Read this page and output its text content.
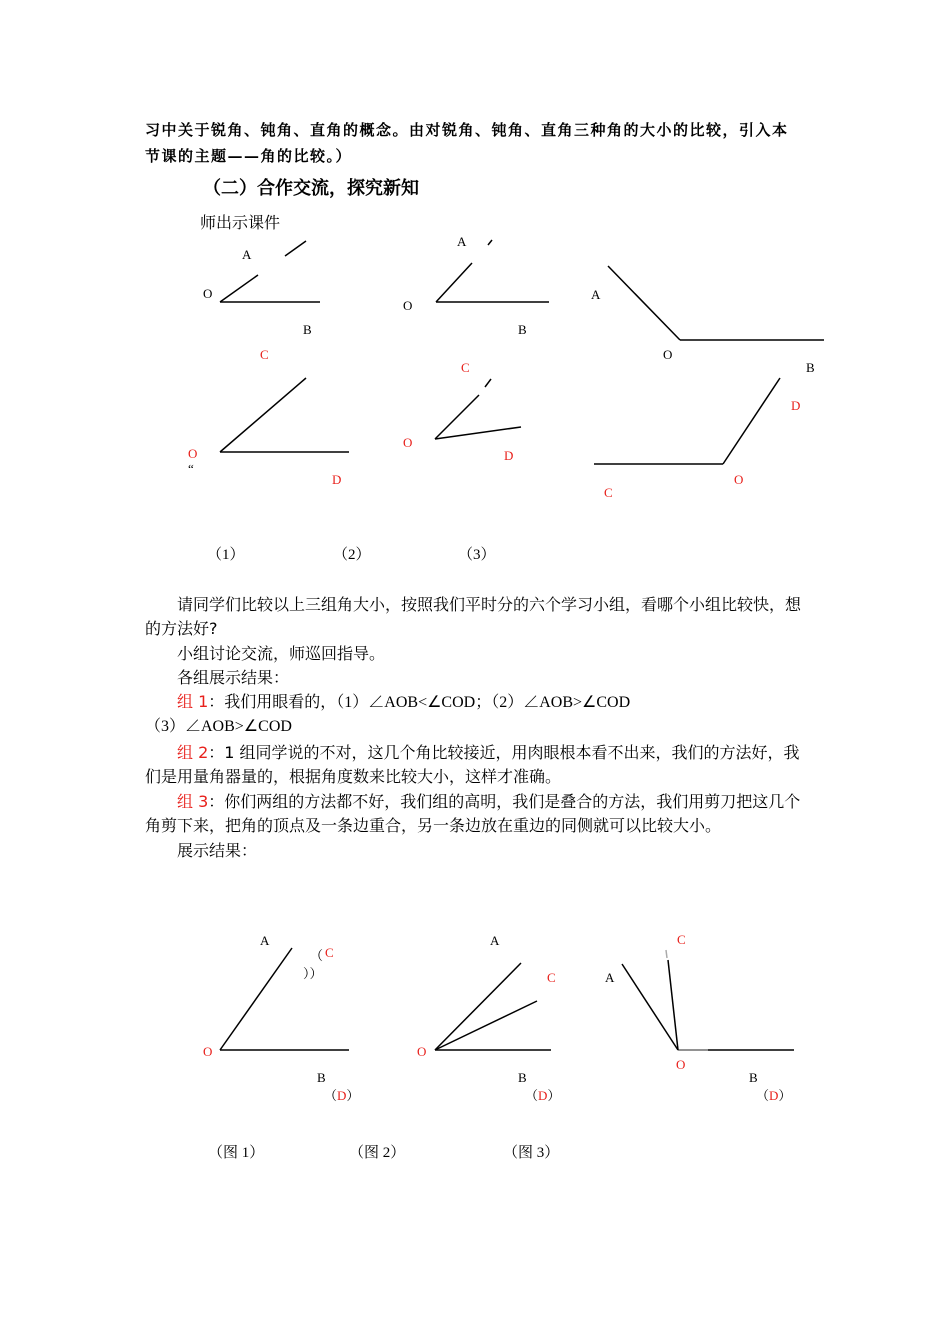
习中关于锐角、钝角、直角的概念。由对锐角、钝角、直角三种角的大小的比较，引入本
节课的主题——角的比较。）
（二）合作交流，探究新知
师出示课件
A
O
B
C
O
“
D
A
O
B
C
O
D
A
O
B
D
C
O
（1）	（2）	（3）
请同学们比较以上三组角大小，按照我们平时分的六个学习小组，看哪个小组比较快，想的方法好?
小组讨论交流，师巡回指导。
各组展示结果：
组 1：我们用眼看的，（1）∠AOB<∠COD；（2）∠AOB>∠COD
（3）∠AOB>∠COD
组 2：1 组同学说的不对，这几个角比较接近，用肉眼根本看不出来，我们的方法好，我们是用量角器量的，根据角度数来比较大小，这样才准确。
组 3：你们两组的方法都不好，我们组的高明，我们是叠合的方法，我们用剪刀把这几个角剪下来，把角的顶点及一条边重合，另一条边放在重边的同侧就可以比较大小。
展示结果：
A
（ C
））
O
B
（D）
A
C
O
B
（D）
C
A
O
B
（D）
（图 1）	（图 2）	（图 3）
